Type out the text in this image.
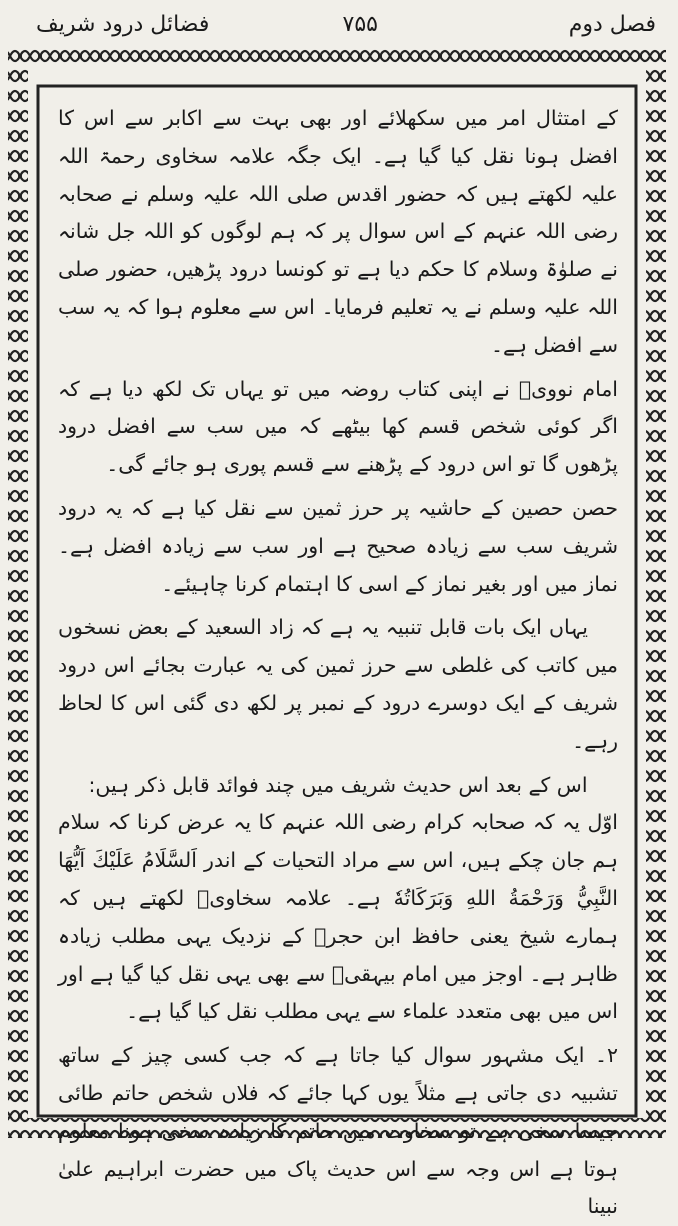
فصل دوم
۷۵۵
فضائل درود شریف

کے امتثال امر میں سکھلائے اور بھی بہت سے اکابر سے اس کا افضل ہونا نقل کیا گیا ہے۔ ایک جگہ علامہ سخاوی رحمۃ اللہ علیہ لکھتے ہیں کہ حضور اقدس صلی اللہ علیہ وسلم نے صحابہ رضی اللہ عنہم کے اس سوال پر کہ ہم لوگوں کو اللہ جل شانہ نے صلوٰۃ وسلام کا حکم دیا ہے تو کونسا درود پڑھیں، حضور صلی اللہ علیہ وسلم نے یہ تعلیم فرمایا۔ اس سے معلوم ہوا کہ یہ سب سے افضل ہے۔

امام نوویؒ نے اپنی کتاب روضہ میں تو یہاں تک لکھ دیا ہے کہ اگر کوئی شخص قسم کھا بیٹھے کہ میں سب سے افضل درود پڑھوں گا تو اس درود کے پڑھنے سے قسم پوری ہو جائے گی۔

حصن حصین کے حاشیہ پر حرز ثمین سے نقل کیا ہے کہ یہ درود شریف سب سے زیادہ صحیح ہے اور سب سے زیادہ افضل ہے۔ نماز میں اور بغیر نماز کے اسی کا اہتمام کرنا چاہیئے۔

یہاں ایک بات قابل تنبیہ یہ ہے کہ زاد السعید کے بعض نسخوں میں کاتب کی غلطی سے حرز ثمین کی یہ عبارت بجائے اس درود شریف کے ایک دوسرے درود کے نمبر پر لکھ دی گئی اس کا لحاظ رہے۔

اس کے بعد اس حدیث شریف میں چند فوائد قابل ذکر ہیں:

اوّل یہ کہ صحابہ کرام رضی اللہ عنہم کا یہ عرض کرنا کہ سلام ہم جان چکے ہیں، اس سے مراد التحیات کے اندر اَلسَّلَامُ عَلَيْكَ اَيُّهَا النَّبِيُّ وَرَحْمَةُ اللهِ وَبَرَكَاتُهٗ ہے۔ علامہ سخاویؒ لکھتے ہیں کہ ہمارے شیخ یعنی حافظ ابن حجرؒ کے نزدیک یہی مطلب زیادہ ظاہر ہے۔ اوجز میں امام بیہقیؒ سے بھی یہی نقل کیا گیا ہے اور اس میں بھی متعدد علماء سے یہی مطلب نقل کیا گیا ہے۔

۲۔ ایک مشہور سوال کیا جاتا ہے کہ جب کسی چیز کے ساتھ تشبیہ دی جاتی ہے مثلاً یوں کہا جائے کہ فلاں شخص حاتم طائی جیسا سخی ہے تو سخاوت میں حاتم کا زیادہ سخی ہونا معلوم ہوتا ہے اس وجہ سے اس حدیث پاک میں حضرت ابراہیم علیٰ نبینا
